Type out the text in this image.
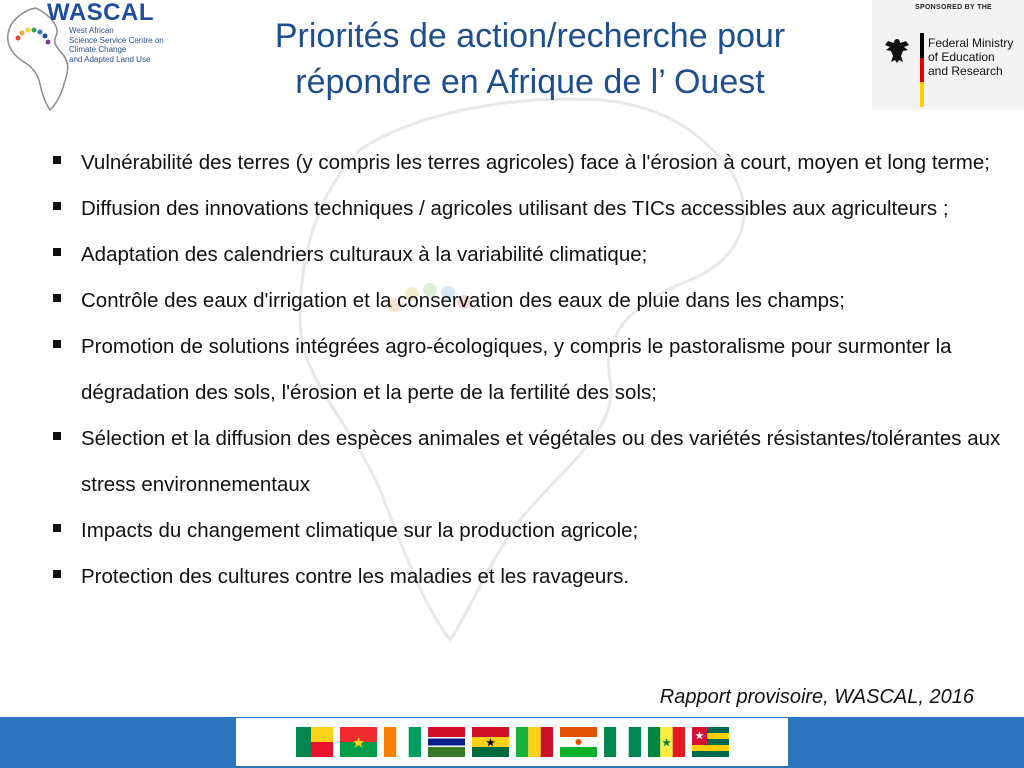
WASCAL
West African
Science Service Centre on
Climate Change
and Adapted Land Use
SPONSORED BY THE
Federal Ministry
of Education
and Research
Priorités de action/recherche pour
répondre en Afrique de l’ Ouest
Vulnérabilité des terres (y compris les terres agricoles) face à l'érosion à court, moyen et long terme;
Diffusion des innovations techniques / agricoles utilisant des TICs accessibles aux agriculteurs ;
Adaptation des calendriers culturaux à la variabilité climatique;
Contrôle des eaux d'irrigation et la conservation des eaux de pluie dans les champs;
Promotion de solutions intégrées agro-écologiques, y compris le pastoralisme pour surmonter la dégradation des sols, l'érosion et la perte de la fertilité des sols;
Sélection et la diffusion des espèces animales et végétales ou des variétés résistantes/tolérantes aux stress environnementaux
Impacts du changement climatique sur la production agricole;
Protection des cultures contre les maladies et les ravageurs.
Rapport provisoire, WASCAL, 2016
